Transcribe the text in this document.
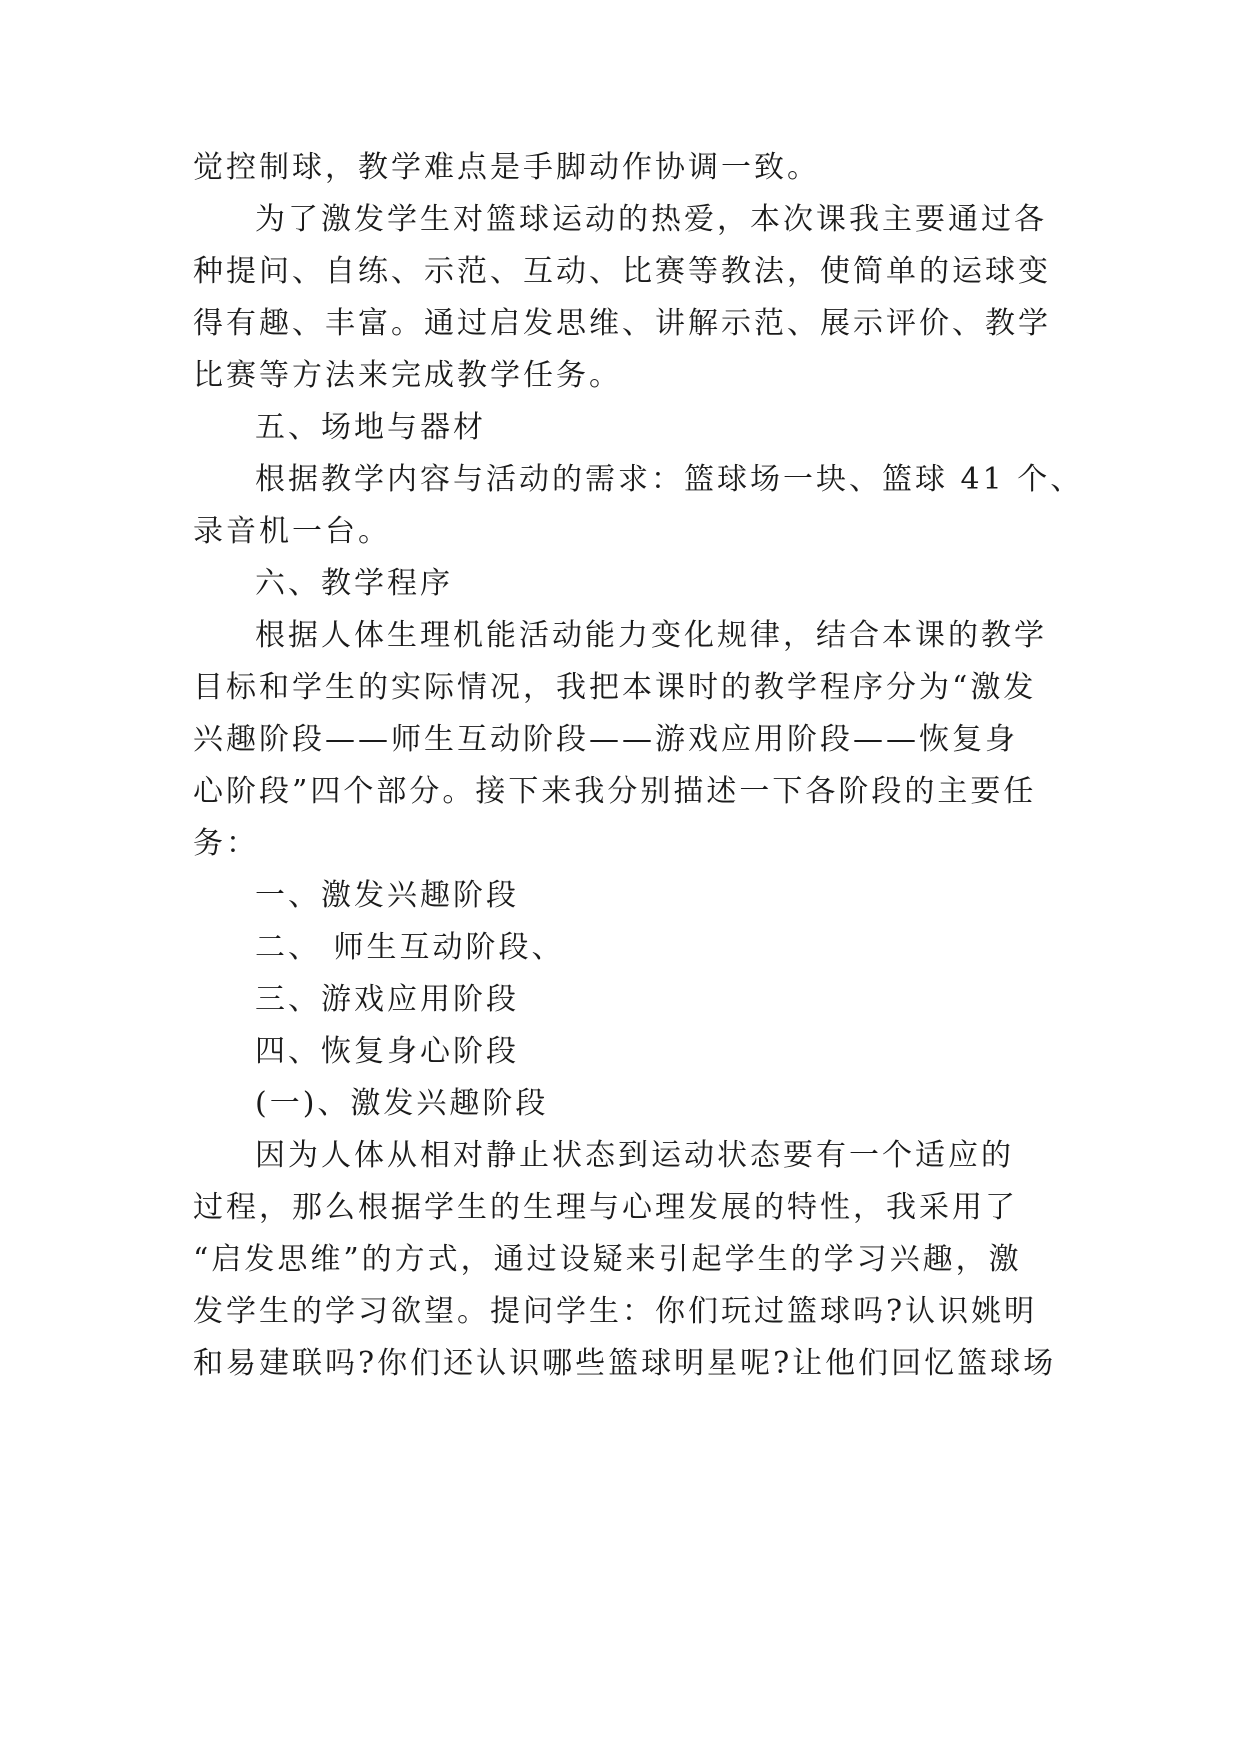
觉控制球，教学难点是手脚动作协调一致。
为了激发学生对篮球运动的热爱，本次课我主要通过各
种提问、自练、示范、互动、比赛等教法，使简单的运球变
得有趣、丰富。通过启发思维、讲解示范、展示评价、教学
比赛等方法来完成教学任务。
五、场地与器材
根据教学内容与活动的需求：篮球场一块、篮球 41 个、
录音机一台。
六、教学程序
根据人体生理机能活动能力变化规律，结合本课的教学
目标和学生的实际情况，我把本课时的教学程序分为“激发
兴趣阶段——师生互动阶段——游戏应用阶段——恢复身
心阶段”四个部分。接下来我分别描述一下各阶段的主要任
务：
一、激发兴趣阶段
二、 师生互动阶段、
三、游戏应用阶段
四、恢复身心阶段
(一)、激发兴趣阶段
因为人体从相对静止状态到运动状态要有一个适应的
过程，那么根据学生的生理与心理发展的特性，我采用了
“启发思维”的方式，通过设疑来引起学生的学习兴趣，激
发学生的学习欲望。提问学生：你们玩过篮球吗?认识姚明
和易建联吗?你们还认识哪些篮球明星呢?让他们回忆篮球场
